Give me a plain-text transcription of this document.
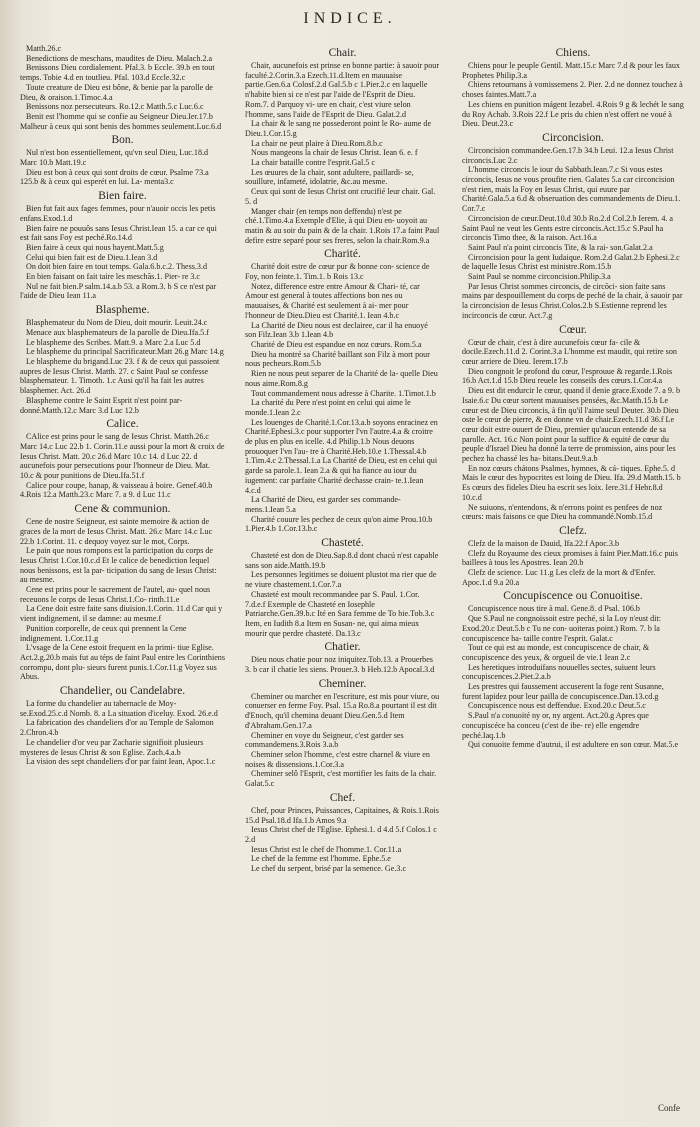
INDICE.
Matth.26.c
Benedictions de meschans, maudites de Dieu. Malach.2.a
Benissons Dieu cordialement. Pfal.3. b Eccle. 39.b en tout temps. Tobie 4.d en toutlieu. Pfal. 103.d Eccle.32.c
Toute creature de Dieu est bône, & benie par la parolle de Dieu, & oraison.1.Timoc.4.a
Benissons noz persecuteurs. Ro.12.c Matth.5.c Luc.6.c
Benit est l'homme qui se confie au Seigneur Dieu.Ier.17.b Malheur à ceux qui sont benis des hommes seulement.Luc.6.d
Bon.
Nul n'est bon essentiellement, qu'vn seul Dieu, Luc.18.d Marc 10.b Matt.19.c
Dieu est bon à ceux qui sont droits de cœur. Psalme 73.a 125.b & à ceux qui esperét en lui. La- menta3.c
Bien faire.
Bien fut fait aux fages femmes, pour n'auoir occis les petis enfans.Exod.1.d
Bien faire ne pouuôs sans Iesus Christ.Iean 15. a car ce qui est fait sans Foy est peché.Ro.14.d
Bien faire à ceux qui nous hayent.Matt.5.g
Celui qui bien fait est de Dieu.1.Iean 3.d
On doit bien faire en tout temps. Gala.6.b.c.2. Thess.3.d
En bien faisant on fait taire les meschãs.1. Pier- re 3.c
Nul ne fait bien.P salm.14.a.b 53. a Rom.3. b S ce n'est par l'aide de Dieu Iean 11.a
Blaspheme.
Blasphemateur du Nom de Dieu, doit mourir. Leuit.24.c
Menace aux blasphemateurs de la parolle de Dieu.Ifa.5.f
Le blaspheme des Scribes. Matt.9. a Marc 2.a Luc 5.d
Le blaspheme du principal Sacrificateur.Matt 26.g Marc 14.g
Le blaspheme du brigand.Luc 23. f & de ceux qui passoient aupres de Iesus Christ. Matth. 27. c Saint Paul se confesse blasphemateur. 1. Timoth. 1.c Ausi qu'il ha fait les autres blasphemer. Act. 26.d
Blaspheme contre le Saint Esprit n'est point par- donné.Matth.12.c Marc 3.d Luc 12.b
Calice.
CAlice est prins pour le sang de Iesus Christ. Matth.26.c Marc 14.c Luc 22.b 1. Corin.11.e aussi pour la mort & croix de Iesus Christ. Matt. 20.c 26.d Marc 10.c 14. d Luc 22. d aucunefois pour persecutions pour l'honneur de Dieu. Mat. 10.c & pour punitions de Dieu.Ifa.51.f
Calice pour coupe, hanap, & vaisseau à boire. Genef.40.b 4.Rois 12.a Matth.23.c Marc 7. a 9. d Luc 11.c
Cene & communion.
Cene de nostre Seigneur, est sainte memoire & action de graces de la mort de Iesus Christ. Matt. 26.c Marc 14.c Luc 22.b 1.Corint. 11. c dequoy voyez sur le mot, Corps.
Le pain que nous rompons est la participation du corps de Iesus Christ 1.Cor.10.c.d Et le calice de benediction lequel nous benissons, est la par- ticipation du sang de Iesus Christ: au mesme.
Cene est prins pour le sacrement de l'autel, au- quel nous receuons le corps de Iesus Christ.1.Co- rinth.11.e
La Cene doit estre faite sans diuision.1.Corin. 11.d Car qui y vient indignement, il se damne: au mesme.f
Punition corporelle, de ceux qui prennent la Cene indignement. 1.Cor.11.g
L'vsage de la Cene estoit frequent en la primi- tiue Eglise. Act.2.g.20.b mais fut au téps de faint Paul entre les Corinthiens corrompu, dont plu- sieurs furent punis.1.Cor.11.g Voyez sus Abus.
Chandelier, ou Candelabre.
La forme du chandelier au tabernacle de Moy- se.Exod.25.c.d Nomb. 8. a La situation d'iceluy. Exod. 26.e.d
La fabrication des chandeliers d'or au Temple de Salomon 2.Chron.4.b
Le chandelier d'or veu par Zacharie signifioit plusieurs mysteres de Iesus Christ & son Eglise. Zach.4.a.b
La vision des sept chandeliers d'or par faint Iean, Apoc.1.c
Chair.
Chair, aucunefois est prinse en bonne partie: à sauoir pour faculté.2.Corin.3.a Ezech.11.d.Item en mauuaise partie.Gen.6.a Colosf.2.d Gal.5.b c 1.Pier.2.c en laquelle n'habite bien si ce n'est par l'aide de l'Esprit de Dieu. Rom.7. d Parquoy vi- ure en chair, c'est viure selon l'homme, sans l'aide de l'Esprit de Dieu. Galat.2.d
La chair & le sang ne possederont point le Ro- aume de Dieu.1.Cor.15.g
La chair ne peut plaire à Dieu.Rom.8.b.c
Nous mangeons la chair de Iesus Christ. Iean 6. e. f
La chair bataille contre l'esprit.Gal.5 c
Les œuures de la chair, sont adultere, paillardi- se, souillure, infameté, idolatrie, &c.au mesme.
Ceux qui sont de Iesus Christ ont crucifié leur chair. Gal. 5. d
Manger chair (en temps non deffendu) n'est pe ché.1.Timo.4.a Exemple d'Elie, à qui Dieu en- uoyoit au matin & au soir du pain & de la chair. 1.Rois 17.a faint Paul defire estre separé pour ses freres, selon la chair.Rom.9.a
Charité.
Charité doit estre de cœur pur & bonne con- science de Foy, non feinte.1. Tim.1. b Rois 13.c
Notez, difference estre entre Amour & Chari- té, car Amour est general à toutes affections bon nes ou mauuaises, & Charité est seulement à ai- mer pour l'honneur de Dieu.Dieu est Charité.1. Iean 4.b.c
La Charité de Dieu nous est declairee, car il ha enuoyé son Filz.Iean 3.b 1.Iean 4.b
Charité de Dieu est espandue en noz cœurs. Rom.5.a
Dieu ha montré sa Charité baillant son Filz à mort pour nous pecheurs.Rom.5.b
Rien ne nous peut separer de la Charité de la- quelle Dieu nous aime.Rom.8.g
Tout commandement nous adresse à Charite. 1.Timot.1.b
La charité du Pere n'est point en celui qui aime le monde.1.Iean 2.c
Les louenges de Charité.1.Cor.13.a.b soyons enracinez en Charité.Ephesi.3.c pour supporter l'vn l'autre.4.a & croitre de plus en plus en icelle. 4.d Philip.1.b Nous deuons prouoquer l'vn l'au- tre à Charité.Heb.10.e 1.Thessal.4.b 1.Tim.4.c 2.Thessal.1.a La Charité de Dieu, est en celui qui garde sa parole.1. Iean 2.a & qui ha fiance au iour du iugement: car parfaite Charité dechasse crain- te.1.Iean 4.c.d
La Charité de Dieu, est garder ses commande- mens.1.Iean 5.a
Charité couure les pechez de ceux qu'on aime Prou.10.b 1.Pier.4.b 1.Cor.13.b.c
Chasteté.
Chasteté est don de Dieu.Sap.8.d dont chacú n'est capable sans son aide.Matth.19.b
Les personnes legitimes se doiuent plustot ma rier que de ne viure chastement.1.Cor.7.a
Chasteté est moult recommandee par S. Paul. 1.Cor. 7.d.e.f Exemple de Chasteté en Iosephle Patriarche.Gen.39.b.c Ité en Sara femme de To bie.Tob.3.c Item, en Iudith 8.a Item en Susan- ne, qui aima mieux mourir que perdre chasteté. Da.13.c
Chatier.
Dieu nous chatie pour noz iniquitez.Tob.13. a Prouerbes 3. b car il chatie les siens. Prouer.3. b Heb.12.b Apocal.3.d
Cheminer.
Cheminer ou marcher en l'escriture, est mis pour viure, ou conuerser en ferme Foy. Psal. 15.a Ro.8.a pourtant il est dit d'Enoch, qu'il chemina deuant Dieu.Gen.5.d Item d'Abraham.Gen.17.a
Cheminer en voye du Seigneur, c'est garder ses commandemens.3.Rois 3.a.b
Cheminer selon l'homme, c'est estre charnel & viure en noises & dissensions.1.Cor.3.a
Cheminer selô l'Esprit, c'est mortifier les faits de la chair. Galat.5.c
Chef.
Chef, pour Princes, Puissances, Capitaines, & Rois.1.Rois 15.d Psal.18.d Ifa.1.b Amos 9.a
Iesus Christ chef de l'Eglise. Ephesi.1. d 4.d 5.f Colos.1 c 2.d
Iesus Christ est le chef de l'homme.1. Cor.11.a
Le chef de la femme est l'homme. Ephe.5.e
Le chef du serpent, brisé par la semence. Ge.3.c
Chiens.
Chiens pour le peuple Gentil. Matt.15.c Marc 7.d & pour les faux Prophetes Philip.3.a
Chiens retournans à vomissemens 2. Pier. 2.d ne donnez touchez à choses faintes.Matt.7.a
Les chiens en punition mágent Iezabel. 4.Rois 9 g & lechét le sang du Roy Achab. 3.Rois 22.f Le pris du chien n'est offert ne voué à Dieu. Deut.23.c
Circoncision.
Circoncision commandee.Gen.17.b 34.b Leui. 12.a Iesus Christ circoncis.Luc 2.c
L'homme circoncis le iour du Sabbath.Iean.7.c Si vous estes circoncis, Iesus ne vous proufite rien. Galates 5.a car circoncision n'est rien, mais la Foy en Iesus Christ, qui euure par Charité.Gala.5.a 6.d & obseruation des commandements de Dieu.1. Cor.7.c
Circoncision de cœur.Deut.10.d 30.b Ro.2.d Col.2.b Ierem. 4. a Saint Paul ne veut les Gents estre circoncis.Act.15.c S.Paul ha circoncis Timo thee, & la raison. Act.16.a
Saint Paul n'a point circoncis Tite, & la rai- son.Galat.2.a
Circoncision pour la gent Iudaique. Rom.2.d Galat.2.b Ephesi.2.c de laquelle Iesus Christ est ministre.Rom.15.b
Saint Paul se nomme circoncision.Philip.3.a
Par Iesus Christ sommes circoncis, de circõci- sion faite sans mains par despouillement du corps de peché de la chair, à sauoir par la circoncision de Iesus Christ.Colos.2.b S.Estienne reprend les incirconcis de cœur. Act.7.g
Cœur.
Cœur de chair, c'est à dire aucunefois cœur fa- cile & docile.Ezech.11.d 2. Corint.3.a L'homme est maudit, qui retire son cœur arriere de Dieu. Ierem.17.b
Dieu congnoit le profond du cœur, l'esprouue & regarde.1.Rois 16.b Act.1.d 15.b Dieu reuele les conseils des cœurs.1.Cor.4.a
Dieu est dit endurcir le cœur, quand il denie grace.Exode 7. a 9. b Isaie.6.c Du cœur sortent mauuaises pensées, &c.Matth.15.b Le cœur est de Dieu circoncis, à fin qu'il l'aime seul Deuter. 30.b Dieu oste le cœur de pierre, & en donne vn de chair.Ezech.11.d 36.f Le cœur doit estre ouuert de Dieu, premier qu'aucun entende de sa parolle. Act. 16.c Non point pour la suffice & equité de cœur du peuple d'Israel Dieu ha donné la terre de promission, ains pour les pechez ha chassé les ha- bitans.Deut.9.a.b
En noz cœurs chátons Psalmes, hymnes, & cá- tiques. Ephe.5. d Mais le cœur des hypocrites est loing de Dieu. Ifa. 29.d Matth.15. b Es cœurs des fideles Dieu ha escrit ses loix. Iere.31.f Hebr.8.d 10.c.d
Ne suiuons, n'entendons, & n'errons point es penfees de noz cœurs: mais faisons ce que Dieu ha commandé.Nomb.15.d
Clefz.
Clefz de la maison de Dauid, Ifa.22.f Apoc.3.b
Clefz du Royaume des cieux promises à faint Pier.Matt.16.c puis baillees à tous les Apostres. Iean 20.b
Clefz de science. Luc 11.g Les clefz de la mort & d'Enfer. Apoc.1.d 9.a 20.a
Concupiscence ou Conuoitise.
Concupiscence nous tire à mal. Gene.8. d Psal. 106.b
Que S.Paul ne congnoissoit estre peché, si la Loy n'eust dit: Exod.20.c Deut.5.b c Tu ne con- uoiteras point.) Rom. 7. b la concupiscence ba- taille contre l'esprit. Galat.c
Tout ce qui est au monde, est concupiscence de chair, & concupiscence des yeux, & orgueil de vie.1 Iean 2.c
Les heretiques introduifans nouuelles sectes, suiuent leurs concupiscences.2.Piet.2.a.b
Les prestres qui faussement accuserent la foge rent Susanne, furent lapidez pour leur pailla de concupiscence.Dan.13.cd.g
Concupiscence nous est deffendue. Exod.20.c Deut.5.c
S.Paul n'a conuoité ny or, ny argent. Act.20.g Apres que concupiscéce ha conceu (c'est de ibe- re) elle engendre peché.Iaq.1.b
Qui conuoite femme d'autrui, il est adultere en son cœur. Mat.5.e
Confe
